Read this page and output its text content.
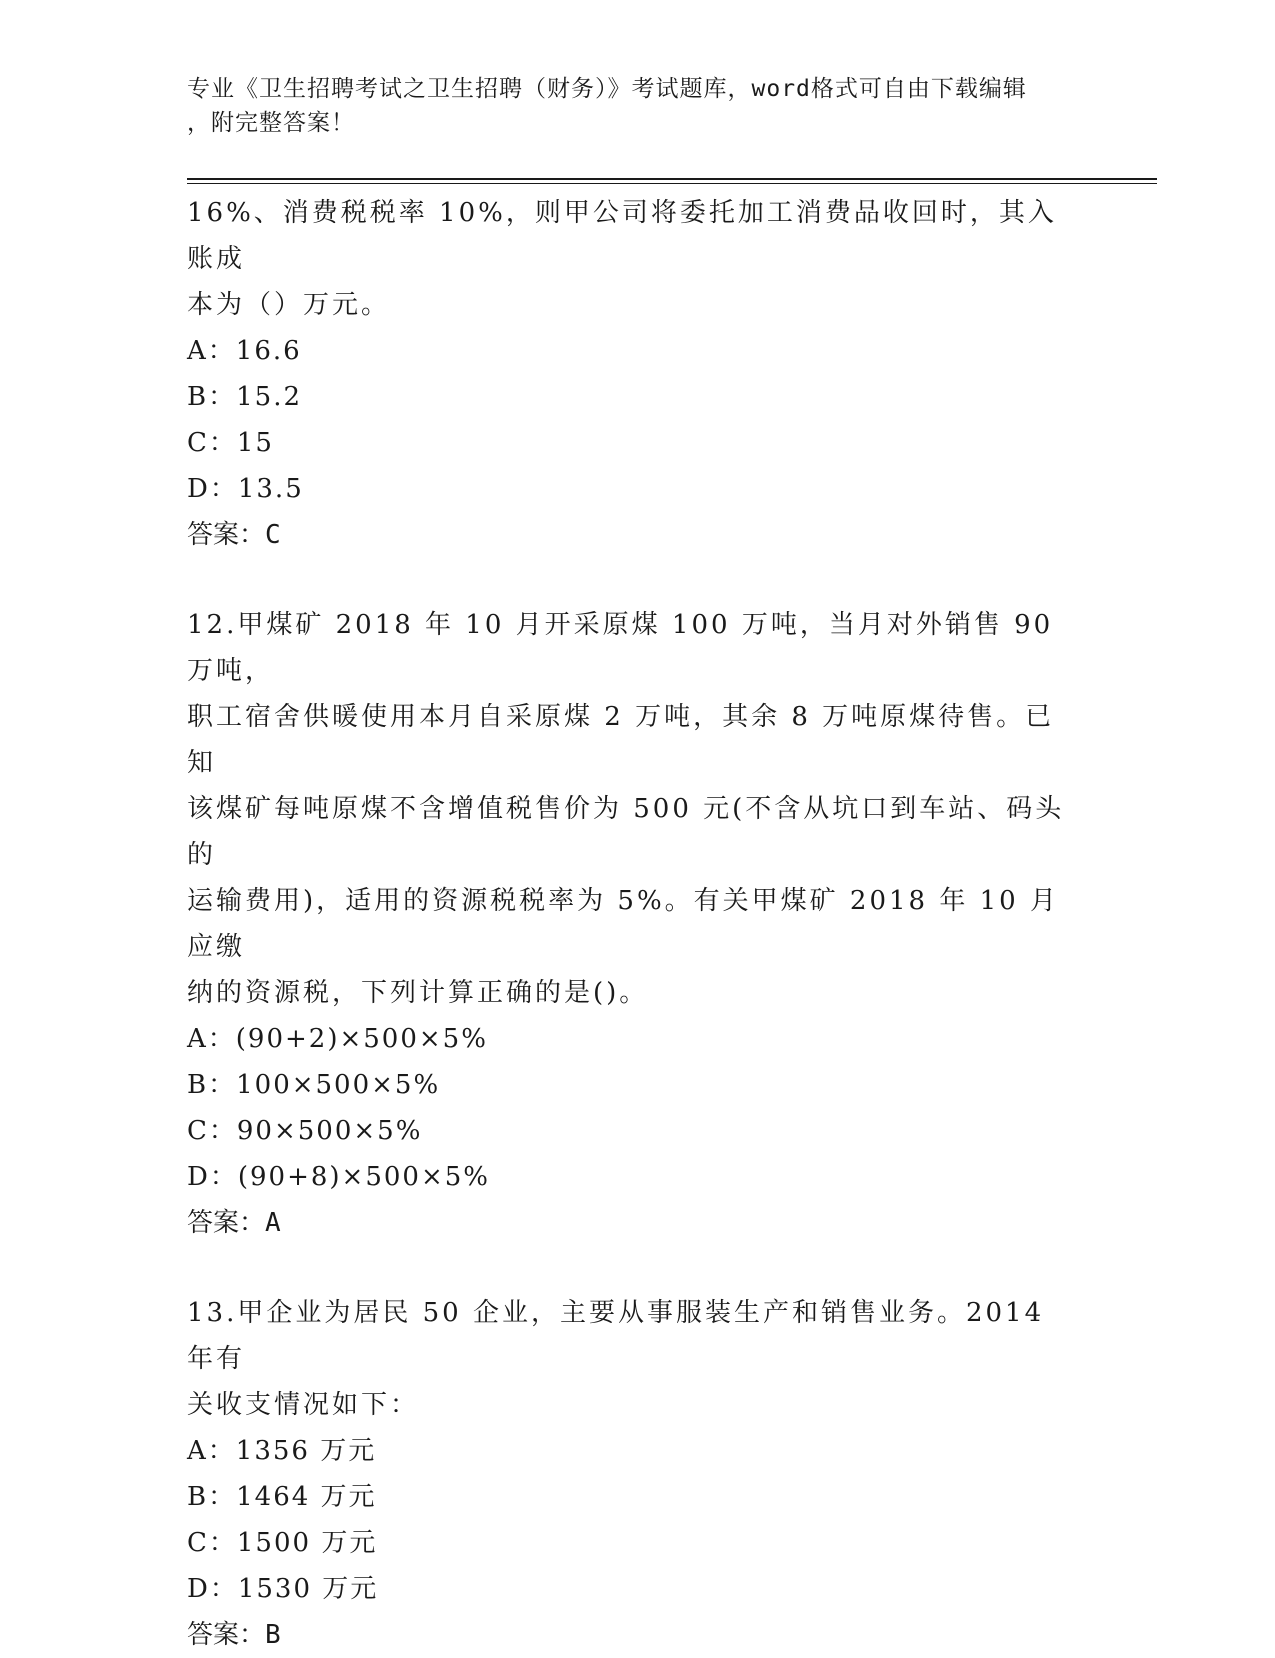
专业《卫生招聘考试之卫生招聘（财务）》考试题库，word格式可自由下载编辑
，附完整答案！

16%、消费税税率 10%，则甲公司将委托加工消费品收回时，其入账成

本为（）万元。

A：16.6

B：15.2

C：15

D：13.5

答案：C

12.甲煤矿 2018 年 10 月开采原煤 100 万吨，当月对外销售 90 万吨，

职工宿舍供暖使用本月自采原煤 2 万吨，其余 8 万吨原煤待售。已知

该煤矿每吨原煤不含增值税售价为 500 元(不含从坑口到车站、码头的

运输费用)，适用的资源税税率为 5%。有关甲煤矿 2018 年 10 月应缴

纳的资源税，下列计算正确的是()。

A：(90+2)×500×5%

B：100×500×5%

C：90×500×5%

D：(90+8)×500×5%

答案：A

13.甲企业为居民 50 企业，主要从事服装生产和销售业务。2014 年有

关收支情况如下：

A：1356 万元

B：1464 万元

C：1500 万元

D：1530 万元

答案：B
